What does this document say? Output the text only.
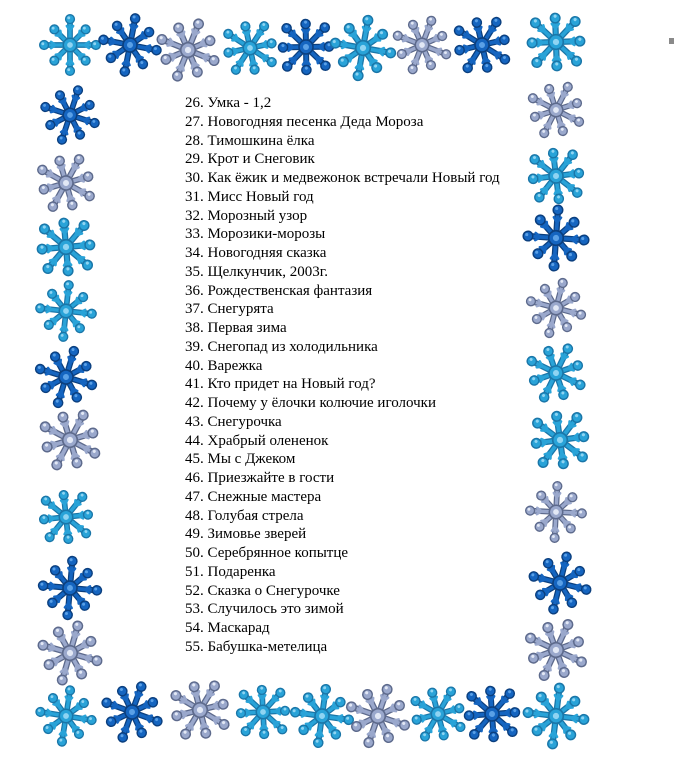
26. Умка - 1,2
27. Новогодняя песенка Деда Мороза
28. Тимошкина ёлка
29. Крот и Снеговик
30. Как ёжик и медвежонок встречали Новый год
31. Мисс Новый год
32. Морозный узор
33. Морозики-морозы
34. Новогодняя сказка
35. Щелкунчик, 2003г.
36. Рождественская фантазия
37. Снегурята
38. Первая зима
39. Снегопад из холодильника
40. Варежка
41. Кто придет на Новый год?
42. Почему у ёлочки колючие иголочки
43. Снегурочка
44. Храбрый олененок
45. Мы с Джеком
46. Приезжайте в гости
47. Снежные мастера
48. Голубая стрела
49. Зимовье зверей
50. Серебрянное копытце
51. Подаренка
52. Сказка о Снегурочке
53. Случилось это зимой
54. Маскарад
55. Бабушка-метелица
